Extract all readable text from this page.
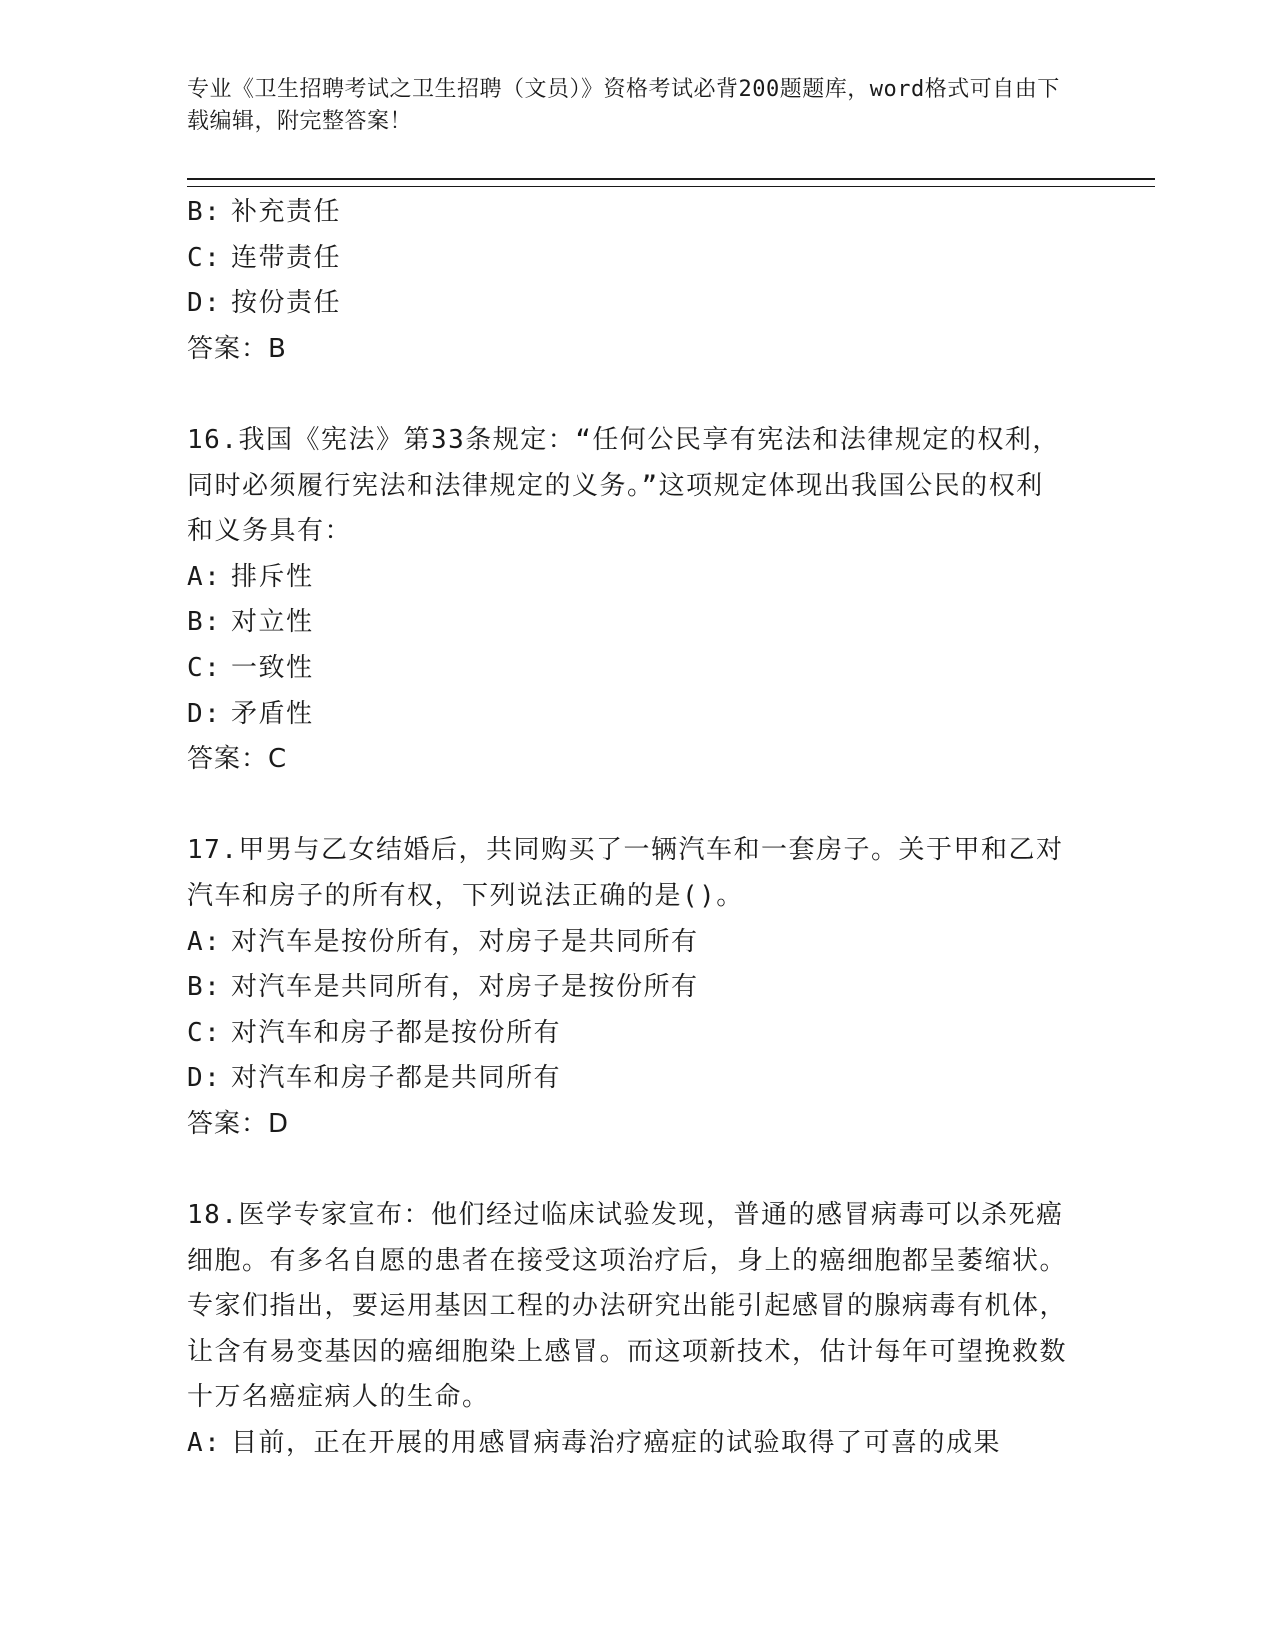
专业《卫生招聘考试之卫生招聘（文员）》资格考试必背200题题库，word格式可自由下载编辑，附完整答案！
B: 补充责任
C: 连带责任
D: 按份责任
答案：B
16.我国《宪法》第33条规定：“任何公民享有宪法和法律规定的权利，同时必须履行宪法和法律规定的义务。”这项规定体现出我国公民的权利和义务具有：
A: 排斥性
B: 对立性
C: 一致性
D: 矛盾性
答案：C
17.甲男与乙女结婚后，共同购买了一辆汽车和一套房子。关于甲和乙对汽车和房子的所有权，下列说法正确的是()。
A: 对汽车是按份所有，对房子是共同所有
B: 对汽车是共同所有，对房子是按份所有
C: 对汽车和房子都是按份所有
D: 对汽车和房子都是共同所有
答案：D
18.医学专家宣布：他们经过临床试验发现，普通的感冒病毒可以杀死癌细胞。有多名自愿的患者在接受这项治疗后，身上的癌细胞都呈萎缩状。专家们指出，要运用基因工程的办法研究出能引起感冒的腺病毒有机体，让含有易变基因的癌细胞染上感冒。而这项新技术，估计每年可望挽救数十万名癌症病人的生命。
A: 目前，正在开展的用感冒病毒治疗癌症的试验取得了可喜的成果
